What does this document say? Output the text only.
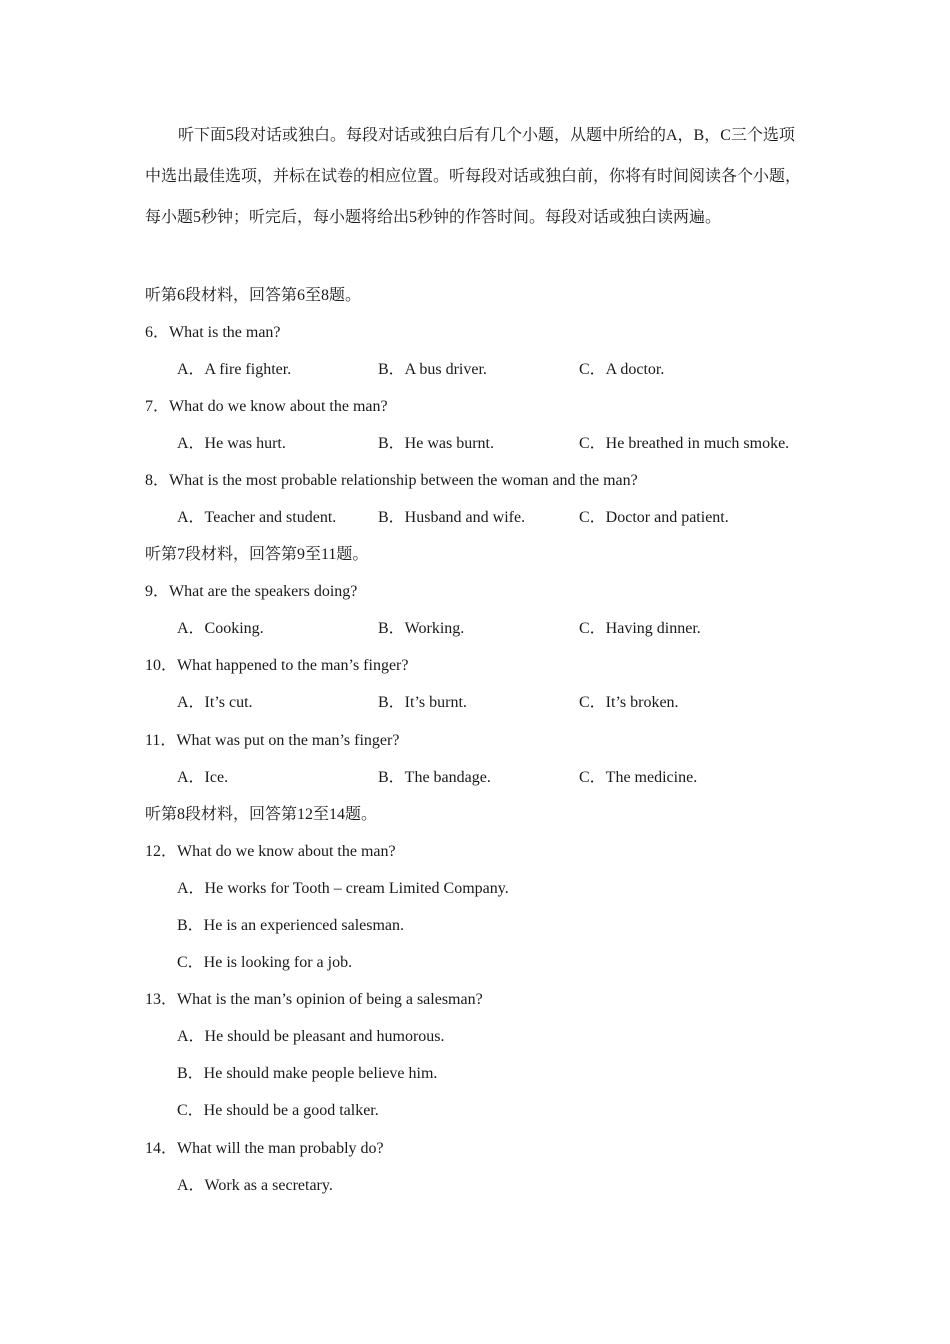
听下面5段对话或独白。每段对话或独白后有几个小题，从题中所给的A，B，C三个选项中选出最佳选项，并标在试卷的相应位置。听每段对话或独白前，你将有时间阅读各个小题，每小题5秒钟；听完后，每小题将给出5秒钟的作答时间。每段对话或独白读两遍。

听第6段材料，回答第6至8题。
6．What is the man?
A．A fire fighter.	B．A bus driver.	C．A doctor.
7．What do we know about the man?
A．He was hurt.	B．He was burnt.	C．He breathed in much smoke.
8．What is the most probable relationship between the woman and the man?
A．Teacher and student.	B．Husband and wife.	C．Doctor and patient.
听第7段材料，回答第9至11题。
9．What are the speakers doing?
A．Cooking.	B．Working.	C．Having dinner.
10．What happened to the man’s finger?
A．It’s cut.	B．It’s burnt.	C．It’s broken.
11．What was put on the man’s finger?
A．Ice.	B．The bandage.	C．The medicine.
听第8段材料，回答第12至14题。
12．What do we know about the man?
A．He works for Tooth – cream Limited Company.
B．He is an experienced salesman.
C．He is looking for a job.
13．What is the man’s opinion of being a salesman?
A．He should be pleasant and humorous.
B．He should make people believe him.
C．He should be a good talker.
14．What will the man probably do?
A．Work as a secretary.
